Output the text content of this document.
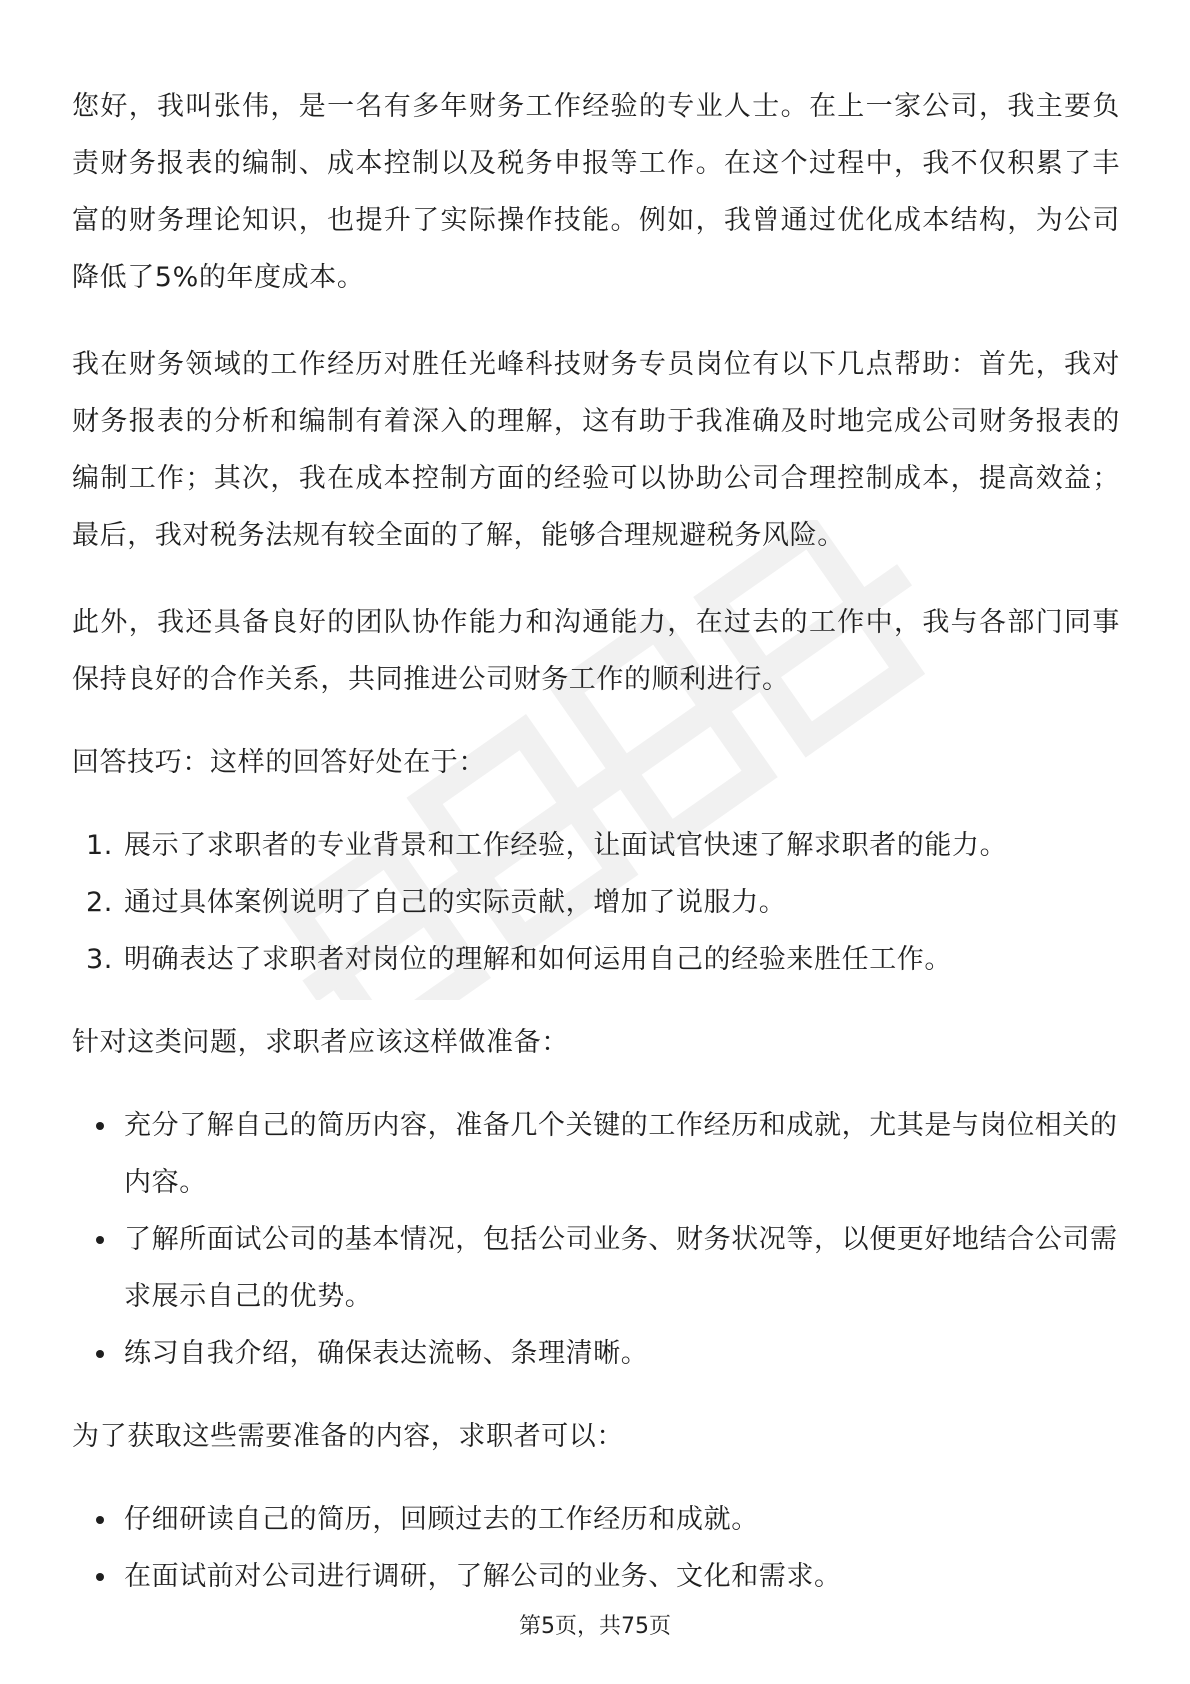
您好，我叫张伟，是一名有多年财务工作经验的专业人士。在上一家公司，我主要负责财务报表的编制、成本控制以及税务申报等工作。在这个过程中，我不仅积累了丰富的财务理论知识，也提升了实际操作技能。例如，我曾通过优化成本结构，为公司降低了5%的年度成本。

我在财务领域的工作经历对胜任光峰科技财务专员岗位有以下几点帮助：首先，我对财务报表的分析和编制有着深入的理解，这有助于我准确及时地完成公司财务报表的编制工作；其次，我在成本控制方面的经验可以协助公司合理控制成本，提高效益；最后，我对税务法规有较全面的了解，能够合理规避税务风险。

此外，我还具备良好的团队协作能力和沟通能力，在过去的工作中，我与各部门同事保持良好的合作关系，共同推进公司财务工作的顺利进行。

回答技巧：这样的回答好处在于：

1. 展示了求职者的专业背景和工作经验，让面试官快速了解求职者的能力。
2. 通过具体案例说明了自己的实际贡献，增加了说服力。
3. 明确表达了求职者对岗位的理解和如何运用自己的经验来胜任工作。

针对这类问题，求职者应该这样做准备：

充分了解自己的简历内容，准备几个关键的工作经历和成就，尤其是与岗位相关的内容。
了解所面试公司的基本情况，包括公司业务、财务状况等，以便更好地结合公司需求展示自己的优势。
练习自我介绍，确保表达流畅、条理清晰。

为了获取这些需要准备的内容，求职者可以：

仔细研读自己的简历，回顾过去的工作经历和成就。
在面试前对公司进行调研，了解公司的业务、文化和需求。
第5页，共75页
